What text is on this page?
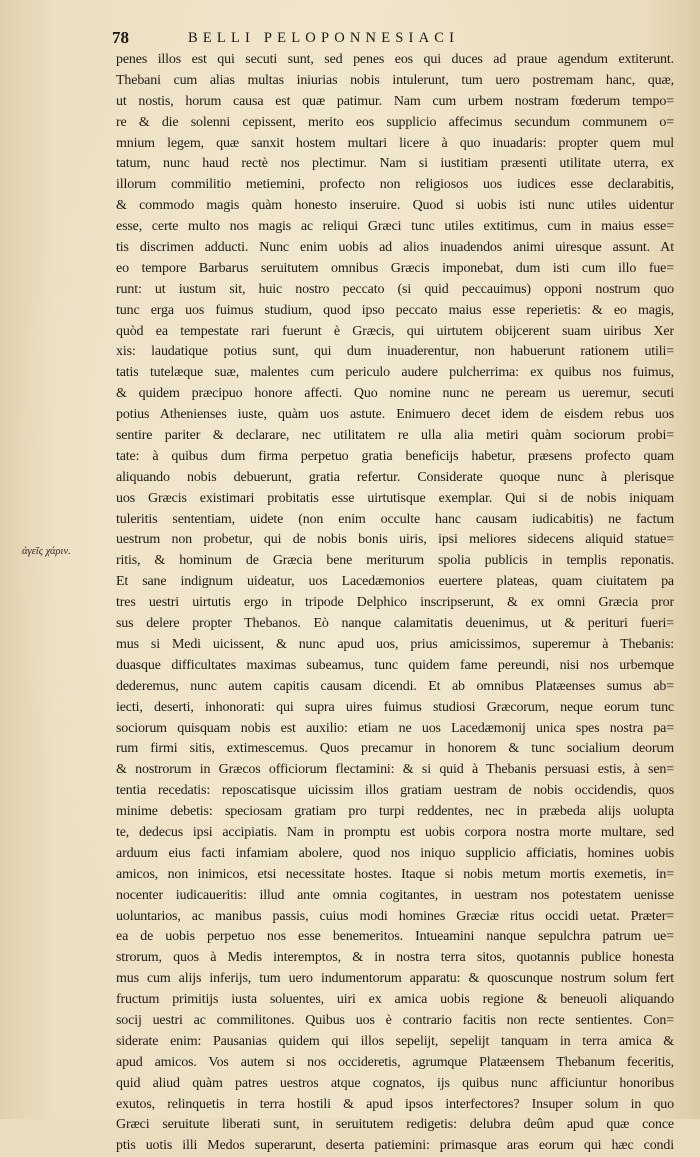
78	BELLI PELOPONNESIACI
ἀγεῖς χάριν.
penes illos est qui secuti sunt, sed penes eos qui duces ad praue agendum extiterunt.
Thebani cum alias multas iniurias nobis intulerunt, tum uero postremam hanc, quæ,
ut nostis, horum causa est quæ patimur. Nam cum urbem nostram fœderum tempo=
re & die solenni cepissent, merito eos supplicio affecimus secundum communem o=
mnium legem, quæ sanxit hostem multari licere à quo inuadaris: propter quem mul
tatum, nunc haud rectè nos plectimur. Nam si iustitiam præsenti utilitate uterra, ex
illorum commilitio metiemini, profecto non religiosos uos iudices esse declarabitis,
& commodo magis quàm honesto inseruire. Quod si uobis isti nunc utiles uidentur
esse, certe multo nos magis ac reliqui Græci tunc utiles extitimus, cum in maius esse=
tis discrimen adducti. Nunc enim uobis ad alios inuadendos animi uiresque assunt. At
eo tempore Barbarus seruitutem omnibus Græcis imponebat, dum isti cum illo fue=
runt: ut iustum sit, huic nostro peccato (si quid peccauimus) opponi nostrum quo
tunc erga uos fuimus studium, quod ipso peccato maius esse reperietis: & eo magis,
quòd ea tempestate rari fuerunt è Græcis, qui uirtutem obijcerent suam uiribus Xer
xis: laudatique potius sunt, qui dum inuaderentur, non habuerunt rationem utili=
tatis tutelæque suæ, malentes cum periculo audere pulcherrima: ex quibus nos fuimus,
& quidem præcipuo honore affecti. Quo nomine nunc ne peream us ueremur, secuti
potius Athenienses iuste, quàm uos astute. Enimuero decet idem de eisdem rebus uos
sentire pariter & declarare, nec utilitatem re ulla alia metiri quàm sociorum probi=
tate: à quibus dum firma perpetuo gratia beneficijs habetur, præsens profecto quam
aliquando nobis debuerunt, gratia refertur. Considerate quoque nunc à plerisque
uos Græcis existimari probitatis esse uirtutisque exemplar. Qui si de nobis iniquam
tuleritis sententiam, uidete (non enim occulte hanc causam iudicabitis) ne factum
uestrum non probetur, qui de nobis bonis uiris, ipsi meliores sidecens aliquid statue=
ritis, & hominum de Græcia bene meriturum spolia publicis in templis reponatis.
Et sane indignum uideatur, uos Lacedæmonios euertere plateas, quam ciuitatem pa
tres uestri uirtutis ergo in tripode Delphico inscripserunt, & ex omni Græcia pror
sus delere propter Thebanos. Eò nanque calamitatis deuenimus, ut & perituri fueri=
mus si Medi uicissent, & nunc apud uos, prius amicissimos, superemur à Thebanis:
duasque difficultates maximas subeamus, tunc quidem fame pereundi, nisi nos urbemque
dederemus, nunc autem capitis causam dicendi. Et ab omnibus Platæenses sumus ab=
iecti, deserti, inhonorati: qui supra uires fuimus studiosi Græcorum, neque eorum tunc
sociorum quisquam nobis est auxilio: etiam ne uos Lacedæmonij unica spes nostra pa=
rum firmi sitis, extimescemus. Quos precamur in honorem & tunc socialium deorum
& nostrorum in Græcos officiorum flectamini: & si quid à Thebanis persuasi estis, à sen=
tentia recedatis: reposcatisque uicissim illos gratiam uestram de nobis occidendis, quos
minime debetis: speciosam gratiam pro turpi reddentes, nec in præbeda alijs uolupta
te, dedecus ipsi accipiatis. Nam in promptu est uobis corpora nostra morte multare, sed
arduum eius facti infamiam abolere, quod nos iniquo supplicio afficiatis, homines uobis
amicos, non inimicos, etsi necessitate hostes. Itaque si nobis metum mortis exemetis, in=
nocenter iudicaueritis: illud ante omnia cogitantes, in uestram nos potestatem uenisse
uoluntarios, ac manibus passis, cuius modi homines Græciæ ritus occidi uetat. Præter=
ea de uobis perpetuo nos esse benemeritos. Intueamini nanque sepulchra patrum ue=
strorum, quos à Medis interemptos, & in nostra terra sitos, quotannis publice honesta
mus cum alijs inferijs, tum uero indumentorum apparatu: & quoscunque nostrum solum fert
fructum primitijs iusta soluentes, uiri ex amica uobis regione & beneuoli aliquando
socij uestri ac commilitones. Quibus uos è contrario facitis non recte sentientes. Con=
siderate enim: Pausanias quidem qui illos sepelijt, sepelijt tanquam in terra amica &
apud amicos. Vos autem si nos occideretis, agrumque Platæensem Thebanum feceritis,
quid aliud quàm patres uestros atque cognatos, ijs quibus nunc afficiuntur honoribus
exutos, relinquetis in terra hostili & apud ipsos interfectores? Insuper solum in quo
Græci seruitute liberati sunt, in seruitutem redigetis: delubra deûm apud quæ conce
ptis uotis illi Medos superarunt, deserta patiemini: primasque aras eorum qui hæc condi
